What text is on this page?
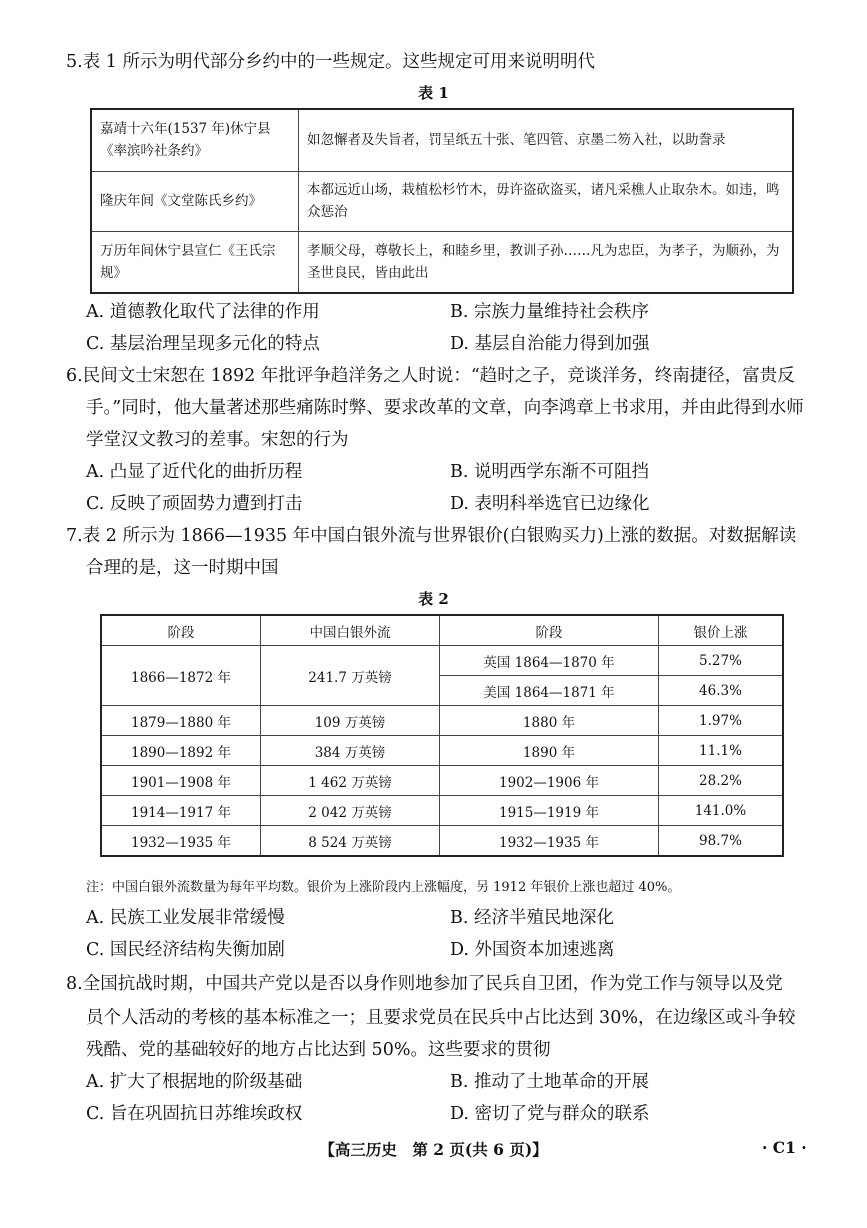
5.表 1 所示为明代部分乡约中的一些规定。这些规定可用来说明明代
表 1
嘉靖十六年(1537 年)休宁县《率滨吟社条约》	如忽懈者及失旨者，罚呈纸五十张、笔四管、京墨二笏入社，以助誊录
隆庆年间《文堂陈氏乡约》	本都远近山场，栽植松杉竹木，毋许盗砍盗买，诸凡采樵人止取杂木。如违，鸣众惩治
万历年间休宁县宣仁《王氏宗规》	孝顺父母，尊敬长上，和睦乡里，教训子孙……凡为忠臣，为孝子，为顺孙，为圣世良民，皆由此出
A. 道德教化取代了法律的作用	B. 宗族力量维持社会秩序
C. 基层治理呈现多元化的特点	D. 基层自治能力得到加强
6.民间文士宋恕在 1892 年批评争趋洋务之人时说：“趋时之子，竞谈洋务，终南捷径，富贵反
手。”同时，他大量著述那些痛陈时弊、要求改革的文章，向李鸿章上书求用，并由此得到水师
学堂汉文教习的差事。宋恕的行为
A. 凸显了近代化的曲折历程	B. 说明西学东渐不可阻挡
C. 反映了顽固势力遭到打击	D. 表明科举选官已边缘化
7.表 2 所示为 1866—1935 年中国白银外流与世界银价(白银购买力)上涨的数据。对数据解读
合理的是，这一时期中国
表 2
阶段	中国白银外流	阶段	银价上涨
1866—1872 年	241.7 万英镑	英国 1864—1870 年	5.27%
		美国 1864—1871 年	46.3%
1879—1880 年	109 万英镑	1880 年	1.97%
1890—1892 年	384 万英镑	1890 年	11.1%
1901—1908 年	1 462 万英镑	1902—1906 年	28.2%
1914—1917 年	2 042 万英镑	1915—1919 年	141.0%
1932—1935 年	8 524 万英镑	1932—1935 年	98.7%
注：中国白银外流数量为每年平均数。银价为上涨阶段内上涨幅度，另 1912 年银价上涨也超过 40%。
A. 民族工业发展非常缓慢	B. 经济半殖民地深化
C. 国民经济结构失衡加剧	D. 外国资本加速逃离
8.全国抗战时期，中国共产党以是否以身作则地参加了民兵自卫团，作为党工作与领导以及党
员个人活动的考核的基本标准之一；且要求党员在民兵中占比达到 30%，在边缘区或斗争较
残酷、党的基础较好的地方占比达到 50%。这些要求的贯彻
A. 扩大了根据地的阶级基础	B. 推动了土地革命的开展
C. 旨在巩固抗日苏维埃政权	D. 密切了党与群众的联系
【高三历史　第 2 页(共 6 页)】	· C1 ·
